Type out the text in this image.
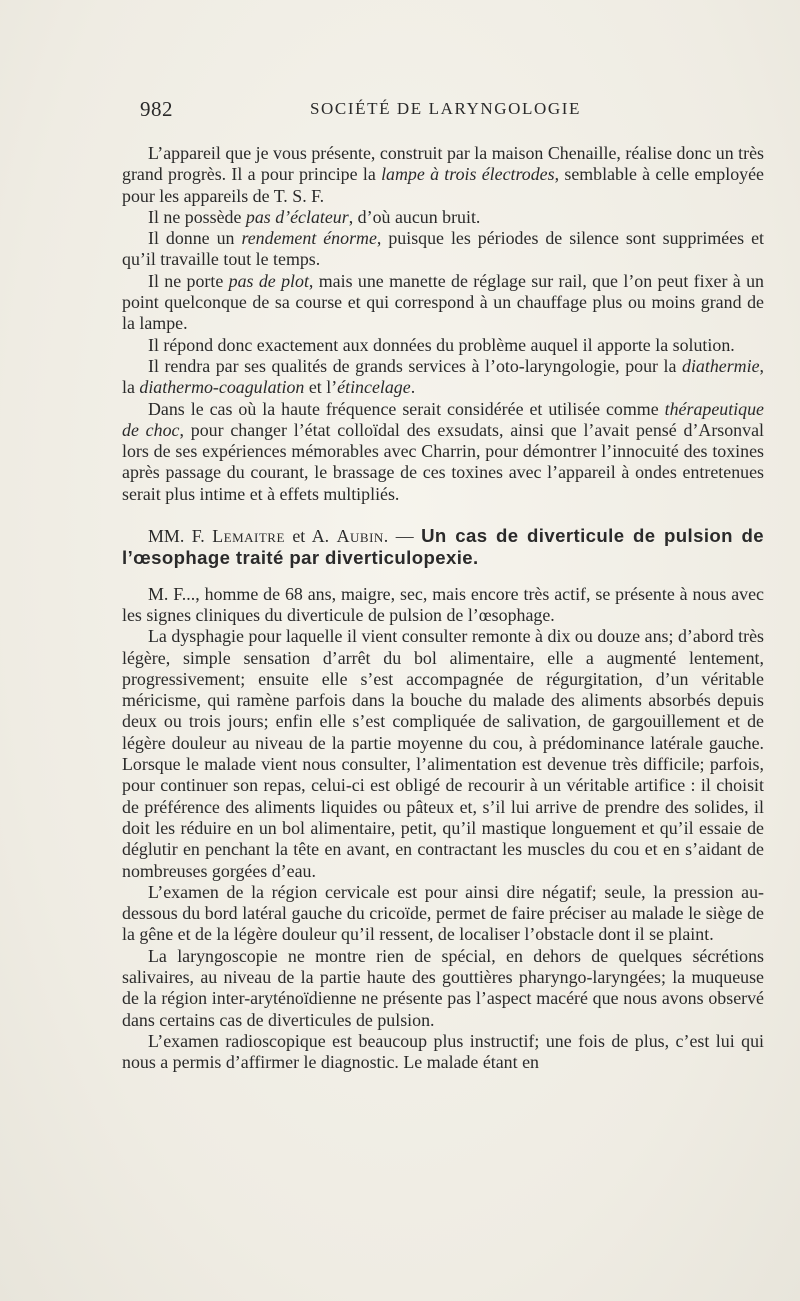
982	SOCIÉTÉ DE LARYNGOLOGIE

L’appareil que je vous présente, construit par la maison Chenaille, réalise donc un très grand progrès. Il a pour principe la lampe à trois électrodes, semblable à celle employée pour les appareils de T. S. F.

Il ne possède pas d’éclateur, d’où aucun bruit.

Il donne un rendement énorme, puisque les périodes de silence sont supprimées et qu’il travaille tout le temps.

Il ne porte pas de plot, mais une manette de réglage sur rail, que l’on peut fixer à un point quelconque de sa course et qui correspond à un chauffage plus ou moins grand de la lampe.

Il répond donc exactement aux données du problème auquel il apporte la solution.

Il rendra par ses qualités de grands services à l’oto-laryngologie, pour la diathermie, la diathermo-coagulation et l’étincelage.

Dans le cas où la haute fréquence serait considérée et utilisée comme thérapeutique de choc, pour changer l’état colloïdal des exsudats, ainsi que l’avait pensé d’Arsonval lors de ses expériences mémorables avec Charrin, pour démontrer l’innocuité des toxines après passage du courant, le brassage de ces toxines avec l’appareil à ondes entretenues serait plus intime et à effets multipliés.

MM. F. Lemaitre et A. Aubin. — Un cas de diverticule de pulsion de l’œsophage traité par diverticulopexie.

M. F..., homme de 68 ans, maigre, sec, mais encore très actif, se présente à nous avec les signes cliniques du diverticule de pulsion de l’œsophage.

La dysphagie pour laquelle il vient consulter remonte à dix ou douze ans; d’abord très légère, simple sensation d’arrêt du bol alimentaire, elle a augmenté lentement, progressivement; ensuite elle s’est accompagnée de régurgitation, d’un véritable méricisme, qui ramène parfois dans la bouche du malade des aliments absorbés depuis deux ou trois jours; enfin elle s’est compliquée de salivation, de gargouillement et de légère douleur au niveau de la partie moyenne du cou, à prédominance latérale gauche. Lorsque le malade vient nous consulter, l’alimentation est devenue très difficile; parfois, pour continuer son repas, celui-ci est obligé de recourir à un véritable artifice : il choisit de préférence des aliments liquides ou pâteux et, s’il lui arrive de prendre des solides, il doit les réduire en un bol alimentaire, petit, qu’il mastique longuement et qu’il essaie de déglutir en penchant la tête en avant, en contractant les muscles du cou et en s’aidant de nombreuses gorgées d’eau.

L’examen de la région cervicale est pour ainsi dire négatif; seule, la pression au-dessous du bord latéral gauche du cricoïde, permet de faire préciser au malade le siège de la gêne et de la légère douleur qu’il ressent, de localiser l’obstacle dont il se plaint.

La laryngoscopie ne montre rien de spécial, en dehors de quelques sécrétions salivaires, au niveau de la partie haute des gouttières pharyngo-laryngées; la muqueuse de la région inter-aryténoïdienne ne présente pas l’aspect macéré que nous avons observé dans certains cas de diverticules de pulsion.

L’examen radioscopique est beaucoup plus instructif; une fois de plus, c’est lui qui nous a permis d’affirmer le diagnostic. Le malade étant en
